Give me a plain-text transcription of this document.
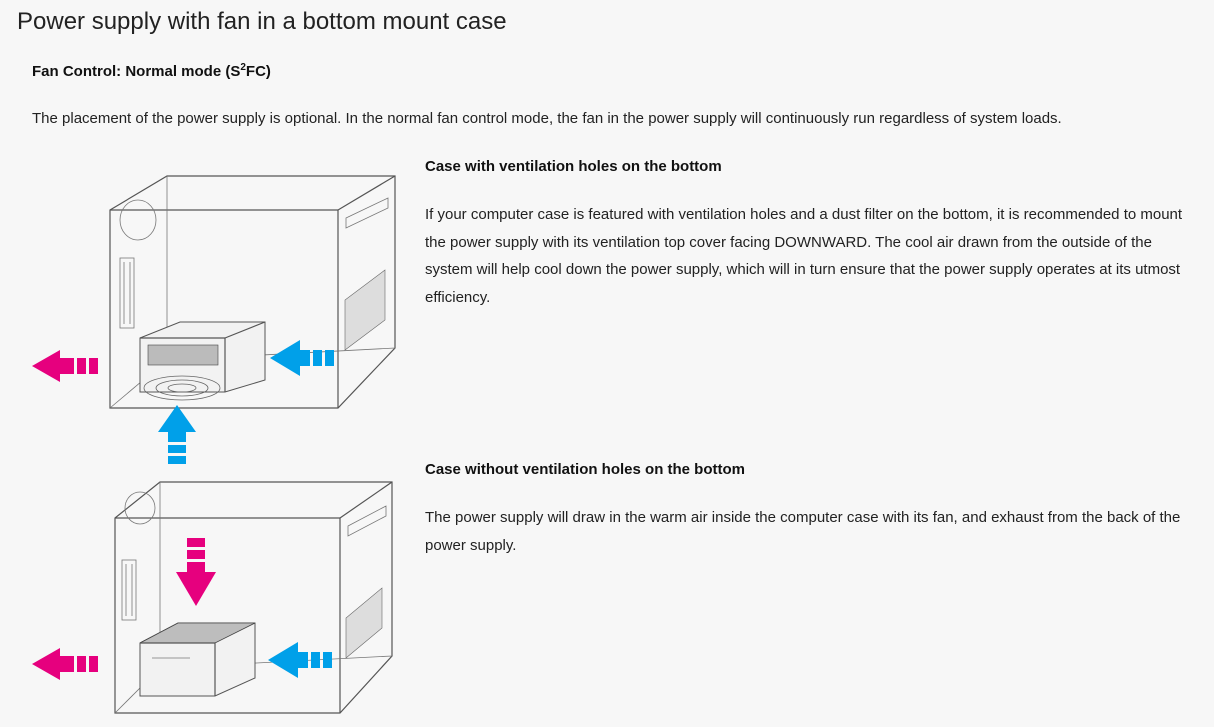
Power supply with fan in a bottom mount case
Fan Control: Normal mode $(S^2FC)$

The placement of the power supply is optional. In the normal fan control mode, the fan in the power supply will continuously run regardless of system loads.

Case with ventilation holes on the bottom

If your computer case is featured with ventilation holes and a dust filter on the bottom, it is recommended to mount the power supply with its ventilation top cover facing DOWNWARD. The cool air drawn from the outside of the system will help cool down the power supply, which will in turn ensure that the power supply operates at its utmost efficiency.

Case without ventilation holes on the bottom

The power supply will draw in the warm air inside the computer case with its fan, and exhaust from the back of the power supply.
